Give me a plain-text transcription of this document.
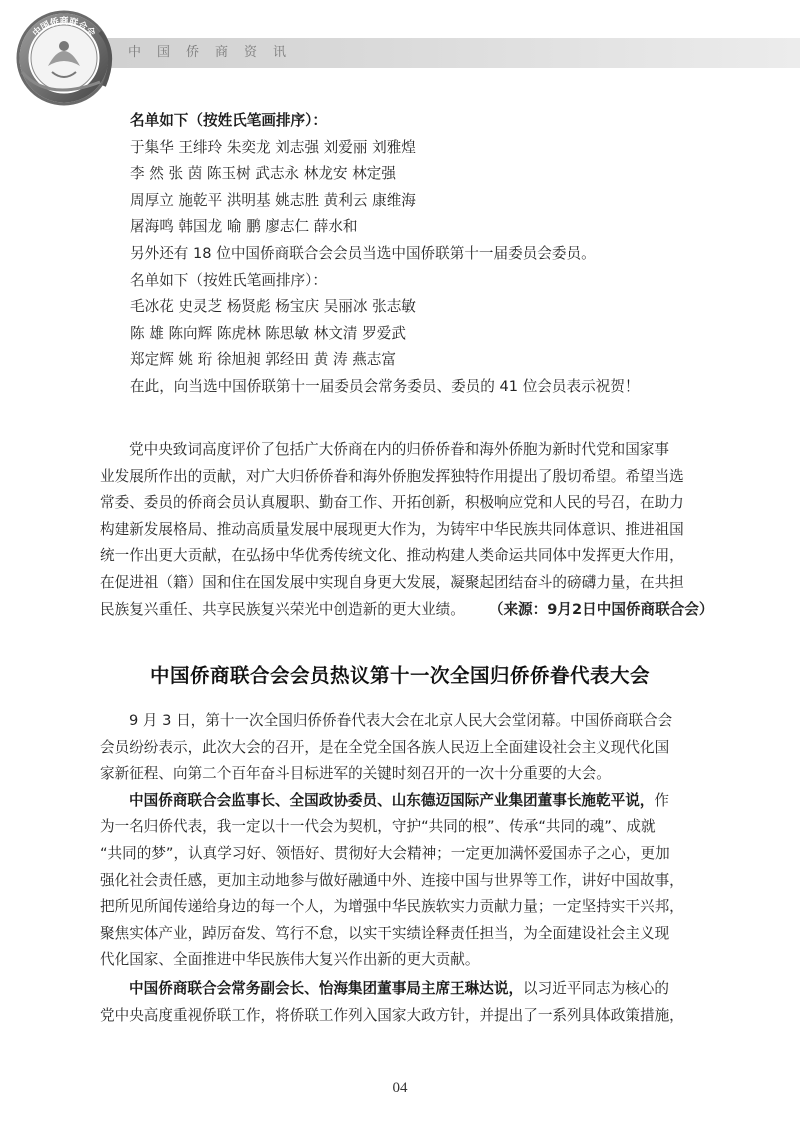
中国侨商资讯
中国侨商联合会
名单如下（按姓氏笔画排序）：
于集华 王绯玲 朱奕龙 刘志强 刘爱丽 刘雅煌
李 然 张 茵 陈玉树 武志永 林龙安 林定强
周厚立 施乾平 洪明基 姚志胜 黄利云 康维海
屠海鸣 韩国龙 喻 鹏 廖志仁 薛水和
另外还有 18 位中国侨商联合会会员当选中国侨联第十一届委员会委员。
名单如下（按姓氏笔画排序）：
毛冰花 史灵芝 杨贤彪 杨宝庆 吴丽冰 张志敏
陈 雄 陈向辉 陈虎林 陈思敏 林文清 罗爱武
郑定辉 姚 珩 徐旭昶 郭经田 黄 涛 燕志富
在此，向当选中国侨联第十一届委员会常务委员、委员的 41 位会员表示祝贺！
党中央致词高度评价了包括广大侨商在内的归侨侨眷和海外侨胞为新时代党和国家事
业发展所作出的贡献，对广大归侨侨眷和海外侨胞发挥独特作用提出了殷切希望。希望当选
常委、委员的侨商会员认真履职、勤奋工作、开拓创新，积极响应党和人民的号召，在助力
构建新发展格局、推动高质量发展中展现更大作为，为铸牢中华民族共同体意识、推进祖国
统一作出更大贡献，在弘扬中华优秀传统文化、推动构建人类命运共同体中发挥更大作用，
在促进祖（籍）国和住在国发展中实现自身更大发展，凝聚起团结奋斗的磅礴力量，在共担
民族复兴重任、共享民族复兴荣光中创造新的更大业绩。 （来源：9月2日中国侨商联合会）
中国侨商联合会会员热议第十一次全国归侨侨眷代表大会
9 月 3 日，第十一次全国归侨侨眷代表大会在北京人民大会堂闭幕。中国侨商联合会
会员纷纷表示，此次大会的召开，是在全党全国各族人民迈上全面建设社会主义现代化国
家新征程、向第二个百年奋斗目标进军的关键时刻召开的一次十分重要的大会。
中国侨商联合会监事长、全国政协委员、山东德迈国际产业集团董事长施乾平说，作
为一名归侨代表，我一定以十一代会为契机，守护“共同的根”、传承“共同的魂”、成就
“共同的梦”，认真学习好、领悟好、贯彻好大会精神；一定更加满怀爱国赤子之心，更加
强化社会责任感，更加主动地参与做好融通中外、连接中国与世界等工作，讲好中国故事，
把所见所闻传递给身边的每一个人，为增强中华民族软实力贡献力量；一定坚持实干兴邦，
聚焦实体产业，踔厉奋发、笃行不怠，以实干实绩诠释责任担当，为全面建设社会主义现
代化国家、全面推进中华民族伟大复兴作出新的更大贡献。
中国侨商联合会常务副会长、怡海集团董事局主席王琳达说，以习近平同志为核心的
党中央高度重视侨联工作，将侨联工作列入国家大政方针，并提出了一系列具体政策措施，
04
